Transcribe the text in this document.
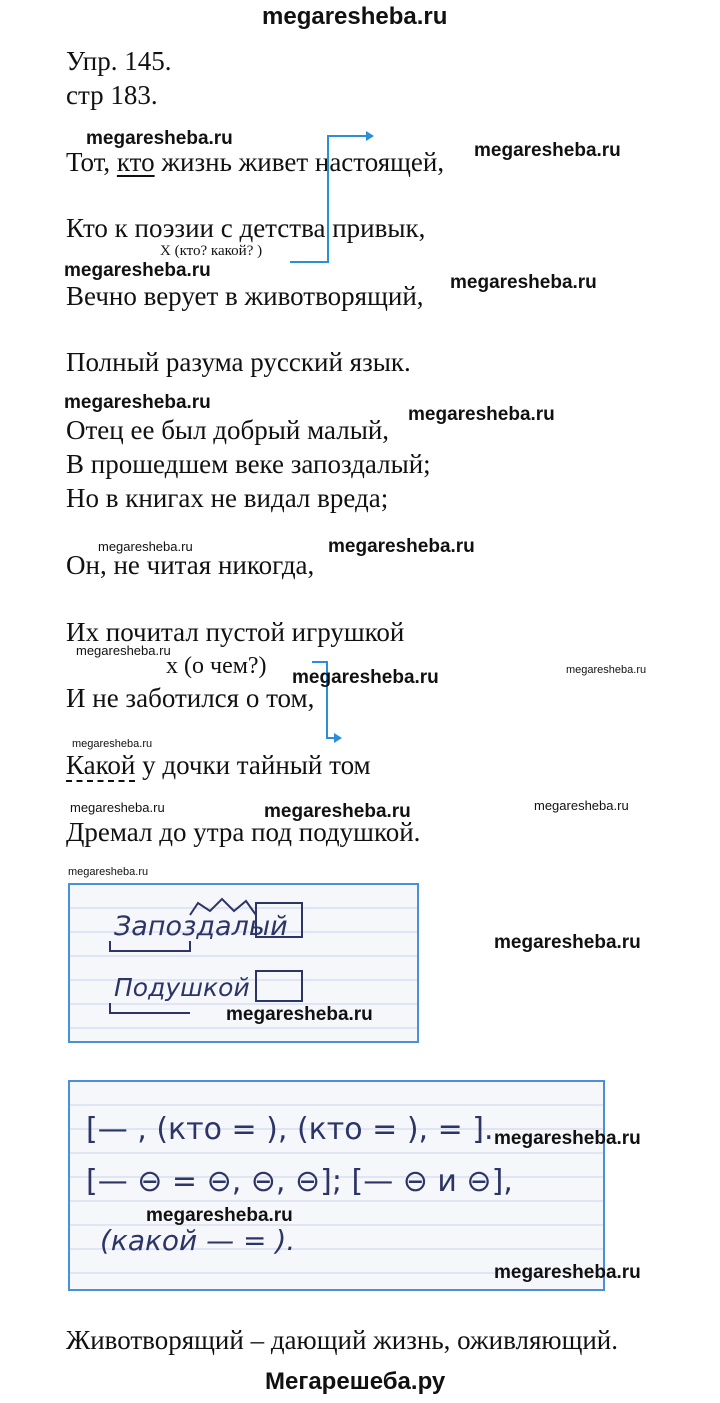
megaresheba.ru
Мегарешеба.ру
Упр. 145.
стр 183.
Тот, кто жизнь живет настоящей,
Кто к поэзии с детства привык,
Вечно верует в животворящий,
Полный разума русский язык.
Отец ее был добрый малый,
В прошедшем веке запоздалый;
Но в книгах не видал вреда;
Он, не читая никогда,
Их почитал пустой игрушкой
И не заботился о том,
Какой у дочки тайный том
Дремал до утра под подушкой.
Х (кто? какой? )
х (о чем?)
megaresheba.ru
megaresheba.ru
megaresheba.ru
megaresheba.ru
megaresheba.ru
megaresheba.ru
megaresheba.ru	megaresheba.ru
megaresheba.ru
megaresheba.ru	megaresheba.ru
megaresheba.ru
megaresheba.ru	megaresheba.ru	megaresheba.ru
megaresheba.ru
Запоздалый
Подушкой
megaresheba.ru
megaresheba.ru
[— , (кто = ), (кто = ), = ].
[— ⊖ = ⊖, ⊖, ⊖]; [— ⊖ и ⊖],
(какой — = ).
megaresheba.ru
megaresheba.ru
megaresheba.ru
Животворящий – дающий жизнь, оживляющий.
